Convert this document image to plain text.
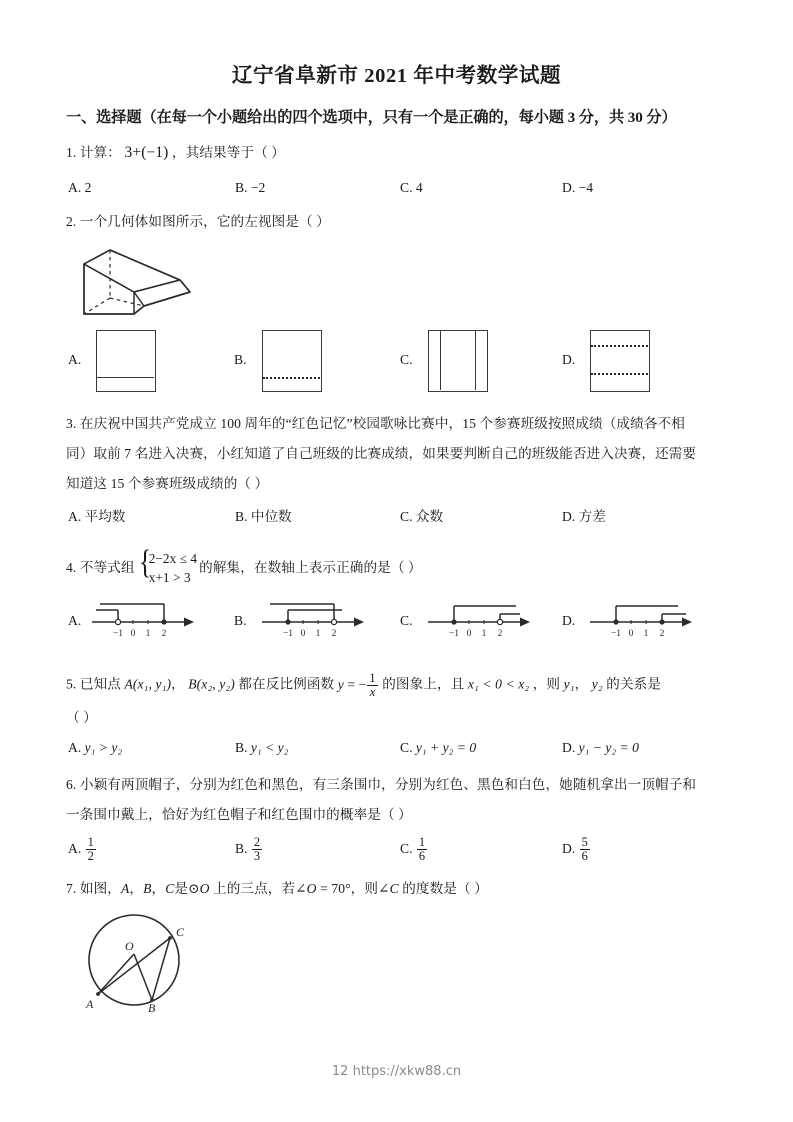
辽宁省阜新市 2021 年中考数学试题
一、选择题（在每一个小题给出的四个选项中，只有一个是正确的，每小题 3 分，共 30 分）
1. 计算： 3+(−1) ，其结果等于（ ）
A. 2	B. −2	C. 4	D. −4
2. 一个几何体如图所示，它的左视图是（ ）
A.	B.	C.	D.
3. 在庆祝中国共产党成立 100 周年的“红色记忆”校园歌咏比赛中，15 个参赛班级按照成绩（成绩各不相
同）取前 7 名进入决赛，小红知道了自己班级的比赛成绩，如果要判断自己的班级能否进入决赛，还需要
知道这 15 个参赛班级成绩的（ ）
A. 平均数	B. 中位数	C. 众数	D. 方差
4. 不等式组 {
2−2x ≤ 4
x+1 > 3
的解集，在数轴上表示正确的是（ ）
A.
−1 0 1 2
B.
−1 0 1 2
C.
−1 0 1 2
D.
−1 0 1 2
5. 已知点 A(x₁, y₁)， B(x₂, y₂) 都在反比例函数 y = − $\frac{1}{x}$ 的图象上，且 x₁ < 0 < x₂ ，则 y₁， y₂ 的关系是
（ ）
A. y₁ > y₂	B. y₁ < y₂	C. y₁ + y₂ = 0	D. y₁ − y₂ = 0
6. 小颖有两顶帽子，分别为红色和黑色，有三条围巾，分别为红色、黑色和白色，她随机拿出一顶帽子和
一条围巾戴上，恰好为红色帽子和红色围巾的概率是（ ）
A. $\frac{1}{2}$	B. $\frac{2}{3}$	C. $\frac{1}{6}$	D. $\frac{5}{6}$
7. 如图，A，B，C是⊙O 上的三点，若∠O = 70°，则∠C 的度数是（ ）
O
C
A	B
12 https://xkw88.cn
